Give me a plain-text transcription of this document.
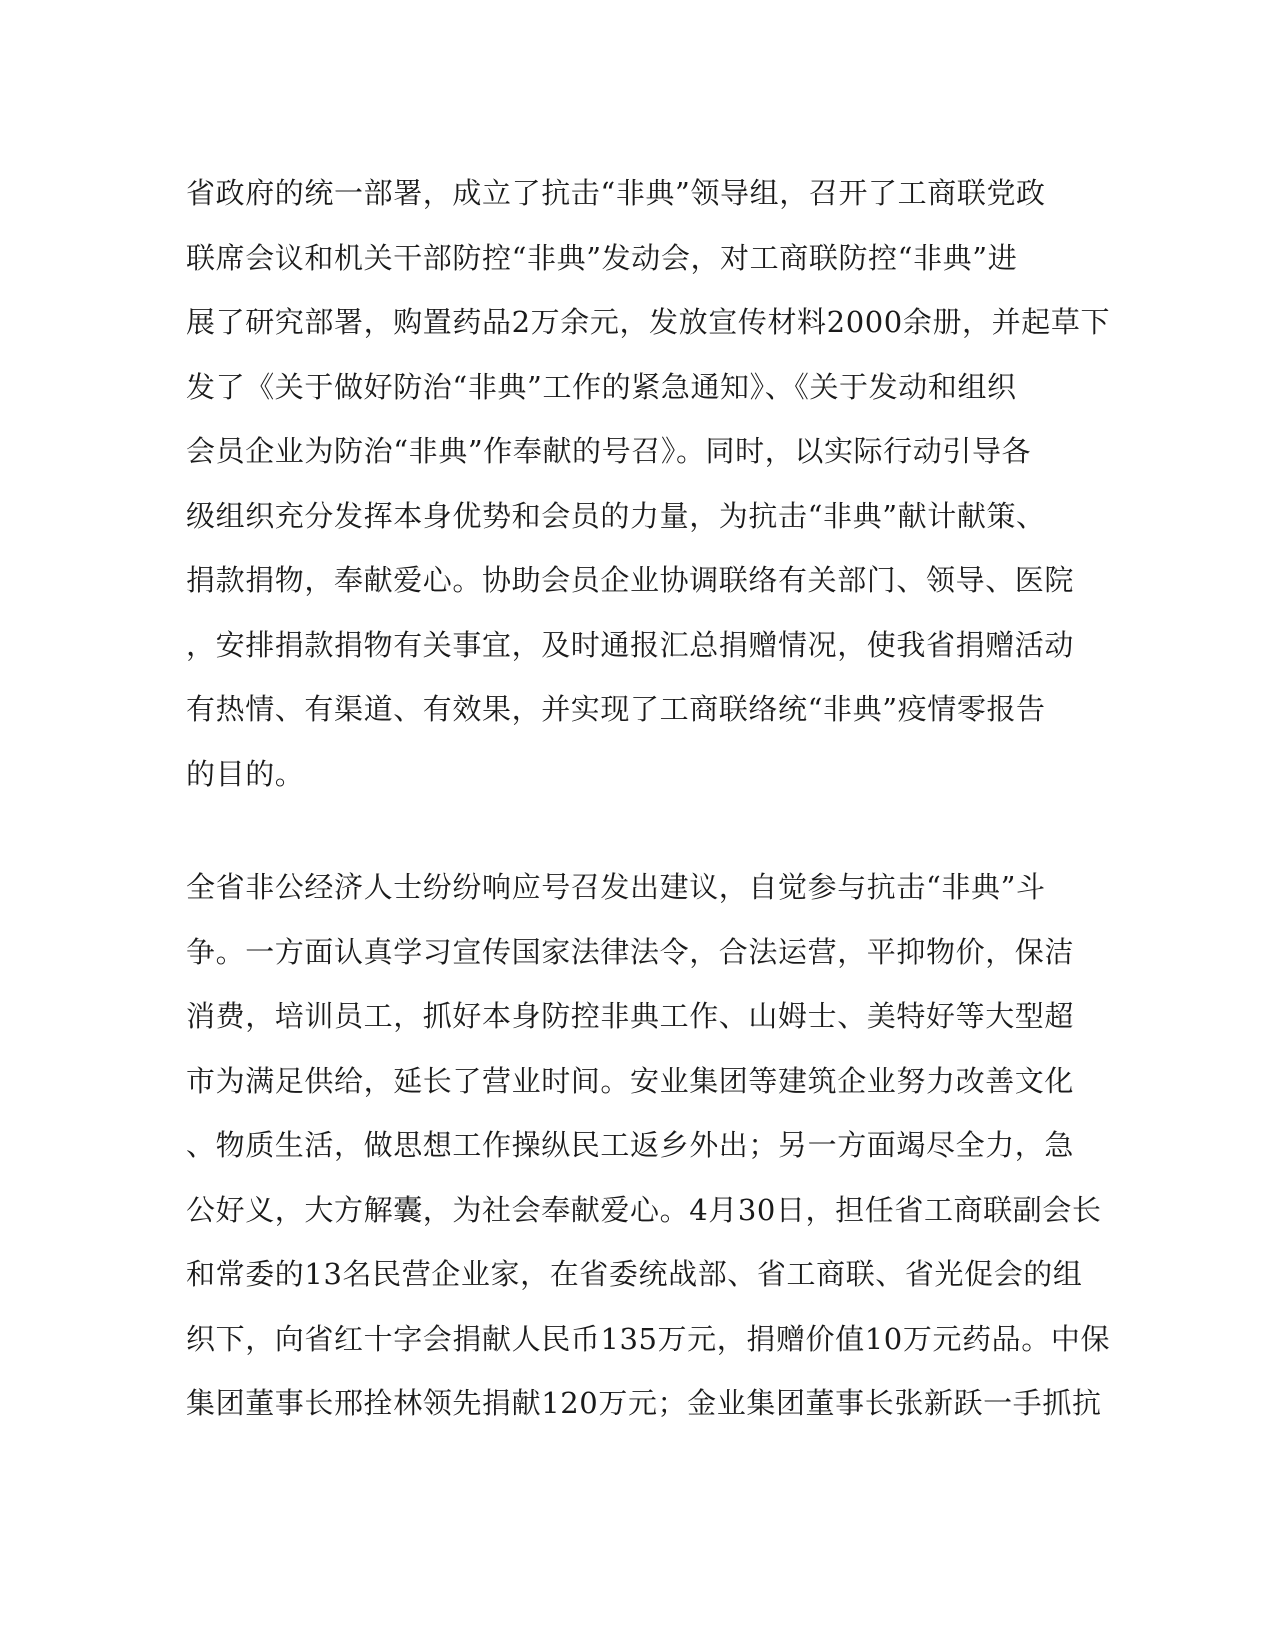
省政府的统一部署，成立了抗击“非典”领导组，召开了工商联党政
联席会议和机关干部防控“非典”发动会，对工商联防控“非典”进
展了研究部署，购置药品2万余元，发放宣传材料2000余册，并起草下
发了《关于做好防治“非典”工作的紧急通知》、《关于发动和组织
会员企业为防治“非典”作奉献的号召》。同时，以实际行动引导各
级组织充分发挥本身优势和会员的力量，为抗击“非典”献计献策、
捐款捐物，奉献爱心。协助会员企业协调联络有关部门、领导、医院
，安排捐款捐物有关事宜，及时通报汇总捐赠情况，使我省捐赠活动
有热情、有渠道、有效果，并实现了工商联络统“非典”疫情零报告
的目的。
全省非公经济人士纷纷响应号召发出建议，自觉参与抗击“非典”斗
争。一方面认真学习宣传国家法律法令，合法运营，平抑物价，保洁
消费，培训员工，抓好本身防控非典工作、山姆士、美特好等大型超
市为满足供给，延长了营业时间。安业集团等建筑企业努力改善文化
、物质生活，做思想工作操纵民工返乡外出；另一方面竭尽全力，急
公好义，大方解囊，为社会奉献爱心。4月30日，担任省工商联副会长
和常委的13名民营企业家，在省委统战部、省工商联、省光促会的组
织下，向省红十字会捐献人民币135万元，捐赠价值10万元药品。中保
集团董事长邢拴林领先捐献120万元；金业集团董事长张新跃一手抓抗
